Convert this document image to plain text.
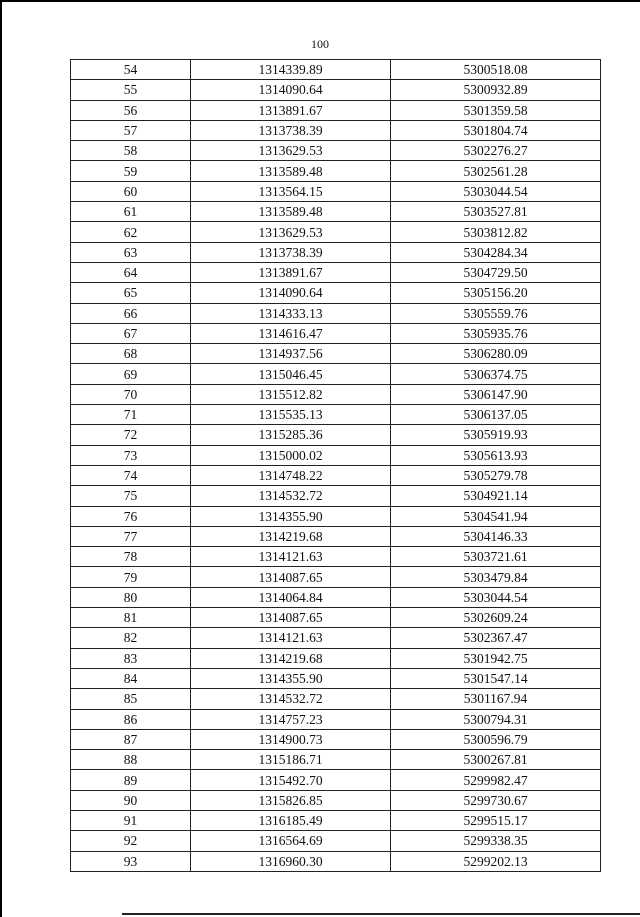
100
54	1314339.89	5300518.08
55	1314090.64	5300932.89
56	1313891.67	5301359.58
57	1313738.39	5301804.74
58	1313629.53	5302276.27
59	1313589.48	5302561.28
60	1313564.15	5303044.54
61	1313589.48	5303527.81
62	1313629.53	5303812.82
63	1313738.39	5304284.34
64	1313891.67	5304729.50
65	1314090.64	5305156.20
66	1314333.13	5305559.76
67	1314616.47	5305935.76
68	1314937.56	5306280.09
69	1315046.45	5306374.75
70	1315512.82	5306147.90
71	1315535.13	5306137.05
72	1315285.36	5305919.93
73	1315000.02	5305613.93
74	1314748.22	5305279.78
75	1314532.72	5304921.14
76	1314355.90	5304541.94
77	1314219.68	5304146.33
78	1314121.63	5303721.61
79	1314087.65	5303479.84
80	1314064.84	5303044.54
81	1314087.65	5302609.24
82	1314121.63	5302367.47
83	1314219.68	5301942.75
84	1314355.90	5301547.14
85	1314532.72	5301167.94
86	1314757.23	5300794.31
87	1314900.73	5300596.79
88	1315186.71	5300267.81
89	1315492.70	5299982.47
90	1315826.85	5299730.67
91	1316185.49	5299515.17
92	1316564.69	5299338.35
93	1316960.30	5299202.13
